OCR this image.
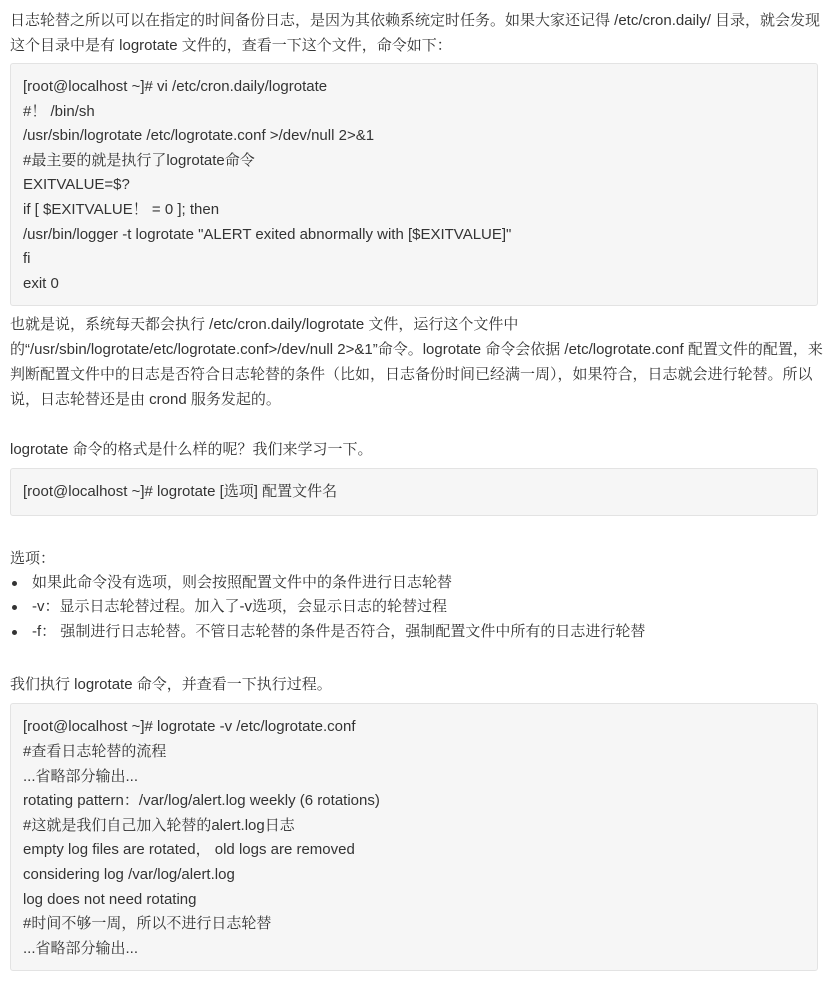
日志轮替之所以可以在指定的时间备份日志，是因为其依赖系统定时任务。如果大家还记得 /etc/cron.daily/ 目录，就会发现这个目录中是有 logrotate 文件的，查看一下这个文件，命令如下：

[root@localhost ~]# vi /etc/cron.daily/logrotate
#！ /bin/sh
/usr/sbin/logrotate /etc/logrotate.conf >/dev/null 2>&1
#最主要的就是执行了logrotate命令
EXITVALUE=$?
if [ $EXITVALUE！ = 0 ]; then
/usr/bin/logger -t logrotate "ALERT exited abnormally with [$EXITVALUE]"
fi
exit 0

也就是说，系统每天都会执行 /etc/cron.daily/logrotate 文件，运行这个文件中的“/usr/sbin/logrotate/etc/logrotate.conf>/dev/null 2>&1”命令。logrotate 命令会依据 /etc/logrotate.conf 配置文件的配置，来判断配置文件中的日志是否符合日志轮替的条件（比如，日志备份时间已经满一周），如果符合，日志就会进行轮替。所以说，日志轮替还是由 crond 服务发起的。

logrotate 命令的格式是什么样的呢？我们来学习一下。

[root@localhost ~]# logrotate [选项] 配置文件名

选项：

如果此命令没有选项，则会按照配置文件中的条件进行日志轮替
-v：显示日志轮替过程。加入了-v选项，会显示日志的轮替过程
-f： 强制进行日志轮替。不管日志轮替的条件是否符合，强制配置文件中所有的日志进行轮替

我们执行 logrotate 命令，并查看一下执行过程。

[root@localhost ~]# logrotate -v /etc/logrotate.conf
#查看日志轮替的流程
...省略部分输出...
rotating pattern：/var/log/alert.log weekly (6 rotations)
#这就是我们自己加入轮替的alert.log日志
empty log files are rotated， old logs are removed
considering log /var/log/alert.log
log does not need rotating
#时间不够一周，所以不进行日志轮替
...省略部分输出...
